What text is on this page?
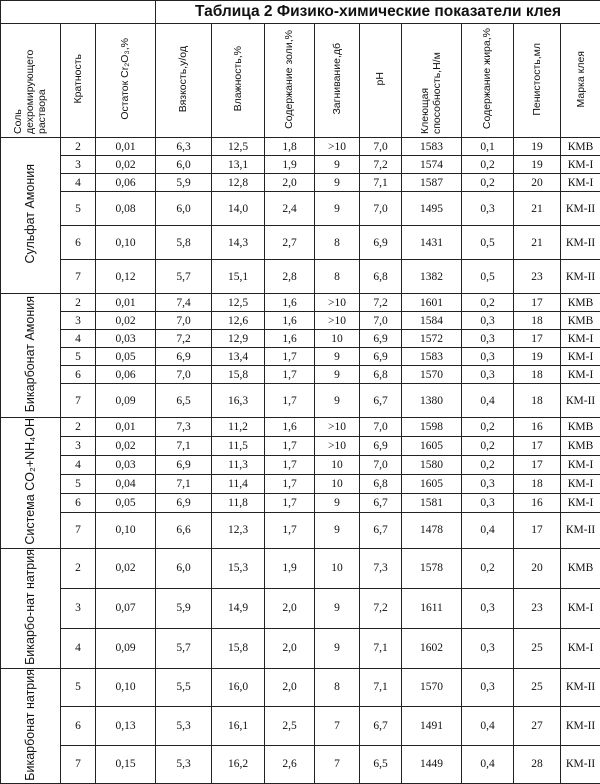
			Таблица 2 Физико-химические показатели клея								
Соль дехромирующего раствора	Кратность	Остаток Cr₂O₃,%	Вязкость,у/од	Влажность,%	Содержание золи,%	Загнивание,дб	pH	Клеющая способность,Н/м	Содержание жира,%	Пенистость,мл	Марка клея
Сульфат Амония	2	0,01	6,3	12,5	1,8	>10	7,0	1583	0,1	19	КМВ
	3	0,02	6,0	13,1	1,9	9	7,2	1574	0,2	19	КМ-I
	4	0,06	5,9	12,8	2,0	9	7,1	1587	0,2	20	КМ-I
	5	0,08	6,0	14,0	2,4	9	7,0	1495	0,3	21	КМ-II
	6	0,10	5,8	14,3	2,7	8	6,9	1431	0,5	21	КМ-II
	7	0,12	5,7	15,1	2,8	8	6,8	1382	0,5	23	КМ-II
Бикарбонат Амония	2	0,01	7,4	12,5	1,6	>10	7,2	1601	0,2	17	КМВ
	3	0,02	7,0	12,6	1,6	>10	7,0	1584	0,3	18	КМВ
	4	0,03	7,2	12,9	1,6	10	6,9	1572	0,3	17	КМ-I
	5	0,05	6,9	13,4	1,7	9	6,9	1583	0,3	19	КМ-I
	6	0,06	7,0	15,8	1,7	9	6,8	1570	0,3	18	КМ-I
	7	0,09	6,5	16,3	1,7	9	6,7	1380	0,4	18	КМ-II
Система CO₂+NH₄OH	2	0,01	7,3	11,2	1,6	>10	7,0	1598	0,2	16	КМВ
	3	0,02	7,1	11,5	1,7	>10	6,9	1605	0,2	17	КМВ
	4	0,03	6,9	11,3	1,7	10	7,0	1580	0,2	17	КМ-I
	5	0,04	7,1	11,4	1,7	10	6,8	1605	0,3	18	КМ-I
	6	0,05	6,9	11,8	1,7	9	6,7	1581	0,3	16	КМ-I
	7	0,10	6,6	12,3	1,7	9	6,7	1478	0,4	17	КМ-II
Бикарбо-нат натрия	2	0,02	6,0	15,3	1,9	10	7,3	1578	0,2	20	КМВ
	3	0,07	5,9	14,9	2,0	9	7,2	1611	0,3	23	КМ-I
	4	0,09	5,7	15,8	2,0	9	7,1	1602	0,3	25	КМ-I
Бикарбонат натрия	5	0,10	5,5	16,0	2,0	8	7,1	1570	0,3	25	КМ-II
	6	0,13	5,3	16,1	2,5	7	6,7	1491	0,4	27	КМ-II
	7	0,15	5,3	16,2	2,6	7	6,5	1449	0,4	28	КМ-II
